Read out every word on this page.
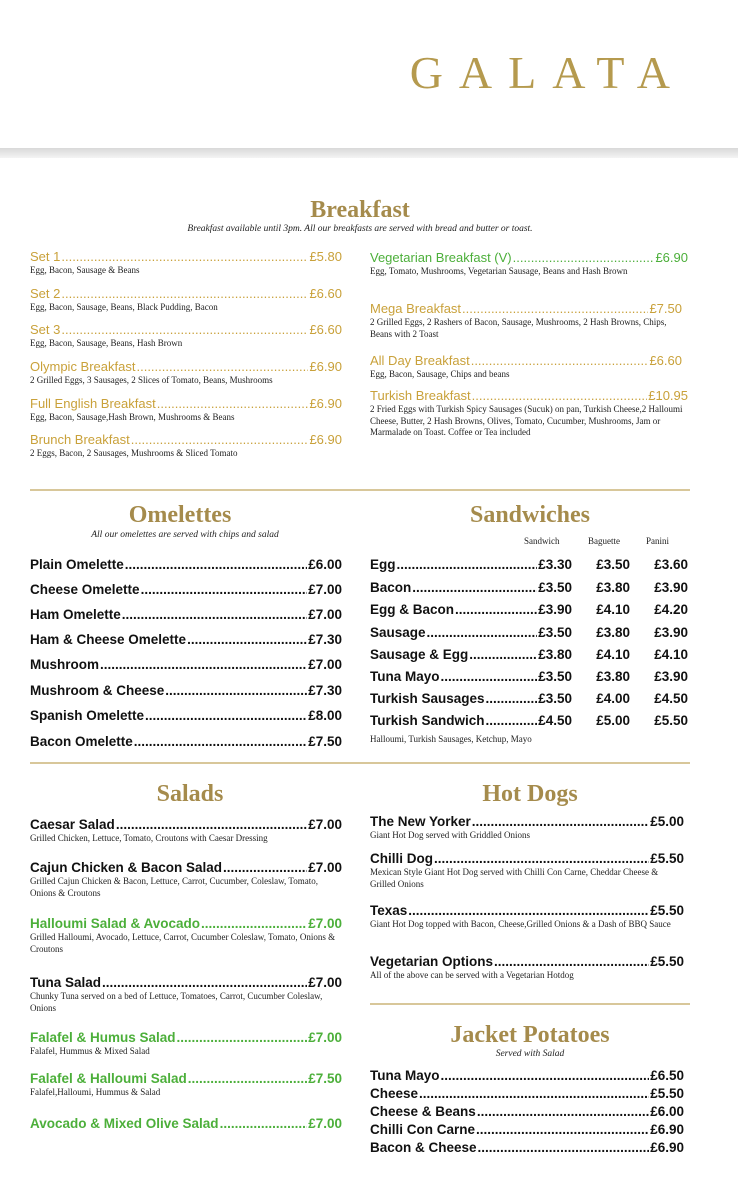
GALATA
Breakfast
Breakfast available until 3pm. All our breakfasts are served with bread and butter or toast.
Set 1 .....	£5.80
Egg, Bacon, Sausage & Beans
Set 2 .....	£6.60
Egg, Bacon, Sausage, Beans, Black Pudding, Bacon
Set 3 .....	£6.60
Egg, Bacon, Sausage, Beans, Hash Brown
Olympic Breakfast .....	£6.90
2 Grilled Eggs, 3 Sausages, 2 Slices of Tomato, Beans, Mushrooms
Full English Breakfast .....	£6.90
Egg, Bacon, Sausage,Hash Brown, Mushrooms & Beans
Brunch Breakfast .....	£6.90
2 Eggs, Bacon, 2 Sausages, Mushrooms & Sliced Tomato
Vegetarian Breakfast (V) .....	£6.90
Egg, Tomato, Mushrooms, Vegetarian Sausage, Beans and Hash Brown
Mega Breakfast .....	£7.50
2 Grilled Eggs, 2 Rashers of Bacon, Sausage, Mushrooms, 2 Hash Browns, Chips, Beans with 2 Toast
All Day Breakfast .....	£6.60
Egg, Bacon, Sausage, Chips and beans
Turkish Breakfast .....	£10.95
2 Fried Eggs with Turkish Spicy Sausages (Sucuk) on pan, Turkish Cheese,2 Halloumi Cheese, Butter, 2 Hash Browns, Olives, Tomato, Cucumber, Mushrooms, Jam or Marmalade on Toast. Coffee or Tea included
Omelettes
All our omelettes are served with chips and salad
Plain Omelette .....	£6.00
Cheese Omelette .....	£7.00
Ham Omelette .....	£7.00
Ham & Cheese Omelette .....	£7.30
Mushroom .....	£7.00
Mushroom & Cheese .....	£7.30
Spanish Omelette .....	£8.00
Bacon Omelette .....	£7.50
Sandwiches
Sandwich	Baguette	Panini
Egg .....	£3.30	£3.50	£3.60
Bacon .....	£3.50	£3.80	£3.90
Egg & Bacon .....	£3.90	£4.10	£4.20
Sausage .....	£3.50	£3.80	£3.90
Sausage & Egg .....	£3.80	£4.10	£4.10
Tuna Mayo .....	£3.50	£3.80	£3.90
Turkish Sausages .....	£3.50	£4.00	£4.50
Turkish Sandwich .....	£4.50	£5.00	£5.50
Halloumi, Turkish Sausages, Ketchup, Mayo
Salads
Caesar Salad .....	£7.00
Grilled Chicken, Lettuce, Tomato, Croutons with Caesar Dressing
Cajun Chicken & Bacon Salad .....	£7.00
Grilled Cajun Chicken & Bacon, Lettuce, Carrot, Cucumber, Coleslaw, Tomato, Onions & Croutons
Halloumi Salad & Avocado .....	£7.00
Grilled Halloumi, Avocado, Lettuce, Carrot, Cucumber Coleslaw, Tomato, Onions & Croutons
Tuna Salad .....	£7.00
Chunky Tuna served on a bed of Lettuce, Tomatoes, Carrot, Cucumber Coleslaw, Onions
Falafel & Humus Salad .....	£7.00
Falafel, Hummus & Mixed Salad
Falafel & Halloumi Salad .....	£7.50
Falafel,Halloumi, Hummus & Salad
Avocado & Mixed Olive Salad .....	£7.00
Hot Dogs
The New Yorker .....	£5.00
Giant Hot Dog served with Griddled Onions
Chilli Dog .....	£5.50
Mexican Style Giant Hot Dog served with Chilli Con Carne, Cheddar Cheese & Grilled Onions
Texas .....	£5.50
Giant Hot Dog topped with Bacon, Cheese,Grilled Onions & a Dash of BBQ Sauce
Vegetarian Options .....	£5.50
All of the above can be served with a Vegetarian Hotdog
Jacket Potatoes
Served with Salad
Tuna Mayo .....	£6.50
Cheese .....	£5.50
Cheese & Beans .....	£6.00
Chilli Con Carne .....	£6.90
Bacon & Cheese .....	£6.90
